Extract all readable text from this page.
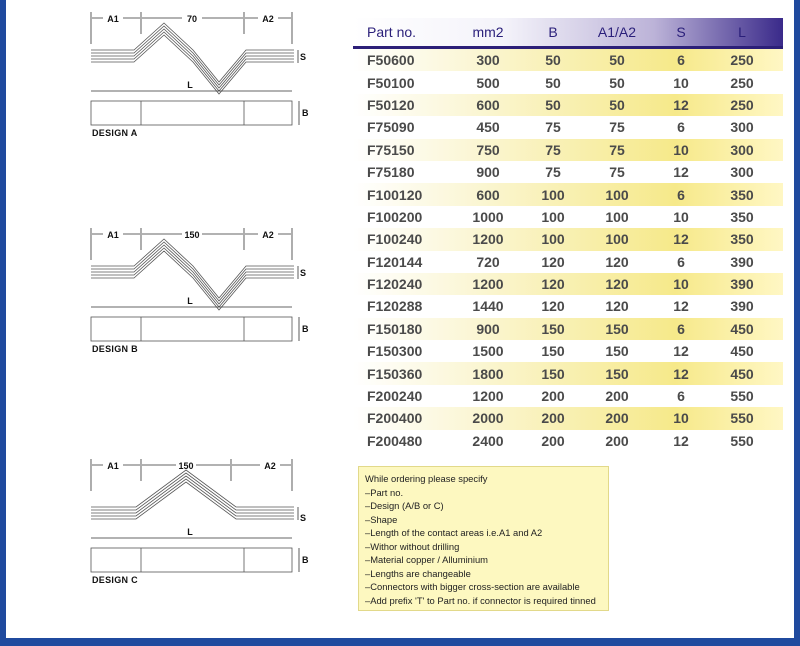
A1	70	A2
S
L
B
DESIGN A
A1	150	A2
S
L
B
DESIGN B
A1	150	A2
S
L
B
DESIGN C
Part no.	mm2	B	A1/A2	S	L
F50600	300	50	50	6	250
F50100	500	50	50	10	250
F50120	600	50	50	12	250
F75090	450	75	75	6	300
F75150	750	75	75	10	300
F75180	900	75	75	12	300
F100120	600	100	100	6	350
F100200	1000	100	100	10	350
F100240	1200	100	100	12	350
F120144	720	120	120	6	390
F120240	1200	120	120	10	390
F120288	1440	120	120	12	390
F150180	900	150	150	6	450
F150300	1500	150	150	12	450
F150360	1800	150	150	12	450
F200240	1200	200	200	6	550
F200400	2000	200	200	10	550
F200480	2400	200	200	12	550
While ordering please specify
–Part no.
–Design (A/B or C)
–Shape
–Length of the contact areas i.e.A1 and A2
–Withor without drilling
–Material copper / Alluminium
–Lengths are changeable
–Connectors with bigger cross-section are available
–Add prefix 'T' to Part no. if connector is required tinned
